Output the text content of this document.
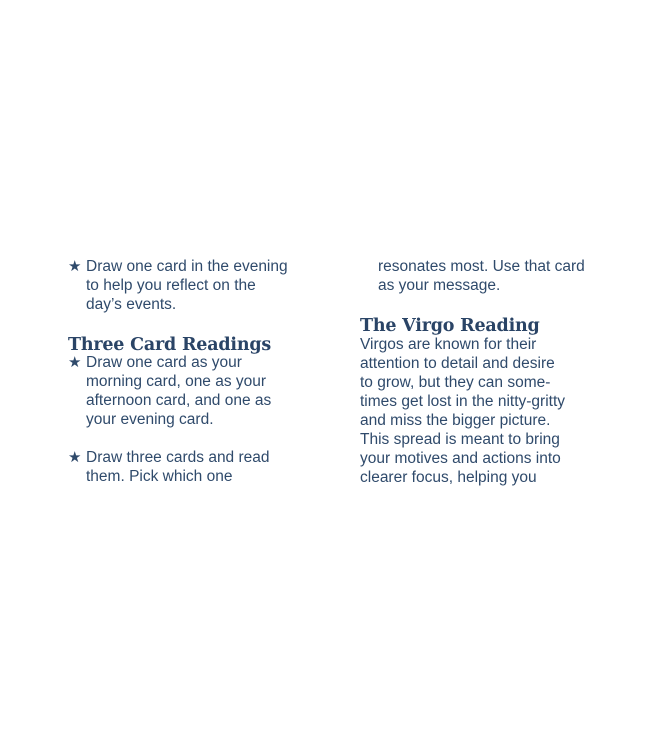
★ Draw one card in the evening
to help you reflect on the
day’s events.
Three Card Readings
★ Draw one card as your
morning card, one as your
afternoon card, and one as
your evening card.
★ Draw three cards and read
them. Pick which one
resonates most. Use that card
as your message.
The Virgo Reading
Virgos are known for their
attention to detail and desire
to grow, but they can some-
times get lost in the nitty-gritty
and miss the bigger picture.
This spread is meant to bring
your motives and actions into
clearer focus, helping you
